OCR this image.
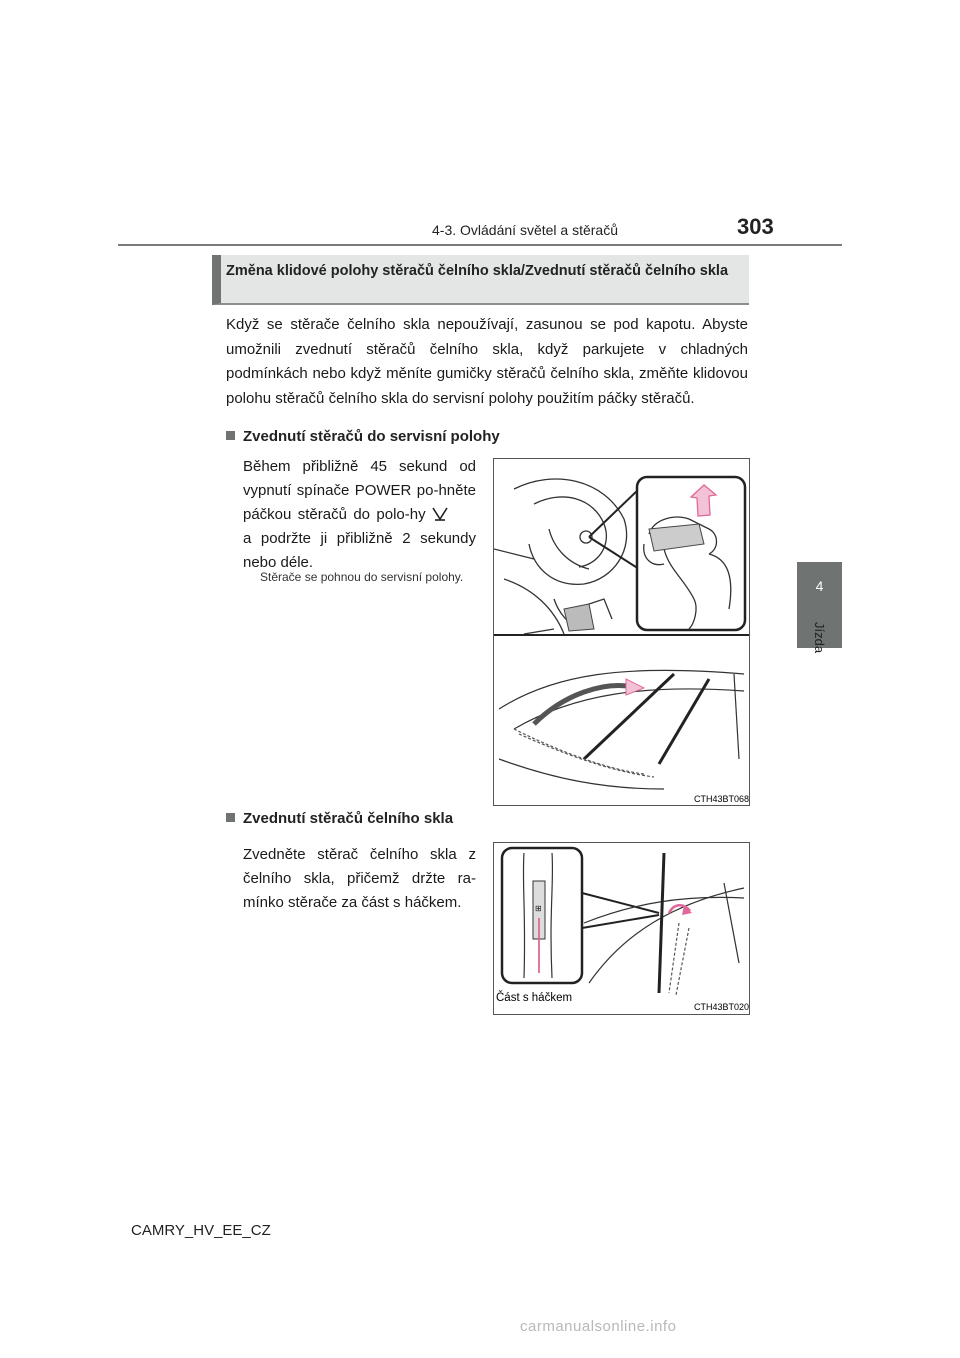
4-3. Ovládání světel a stěračů	303
4
Jízda
Změna klidové polohy stěračů čelního skla/Zvednutí stěračů čelního skla
Když se stěrače čelního skla nepoužívají, zasunou se pod kapotu. Abyste umožnili zvednutí stěračů čelního skla, když parkujete v chladných podmínkách nebo když měníte gumičky stěračů čelního skla, změňte klidovou polohu stěračů čelního skla do servisní polohy použitím páčky stěračů.
Zvednutí stěračů do servisní polohy
Během přibližně 45 sekund od vypnutí spínače POWER po-hněte páčkou stěračů do polo-hy  a podržte ji přibližně 2 sekundy nebo déle.
Stěrače se pohnou do servisní polohy.
CTH43BT068
Zvednutí stěračů čelního skla
Zvedněte stěrač čelního skla z čelního skla, přičemž držte ra-mínko stěrače za část s háčkem.	⊞
Část s háčkem
CTH43BT020
CAMRY_HV_EE_CZ
carmanualsonline.info
